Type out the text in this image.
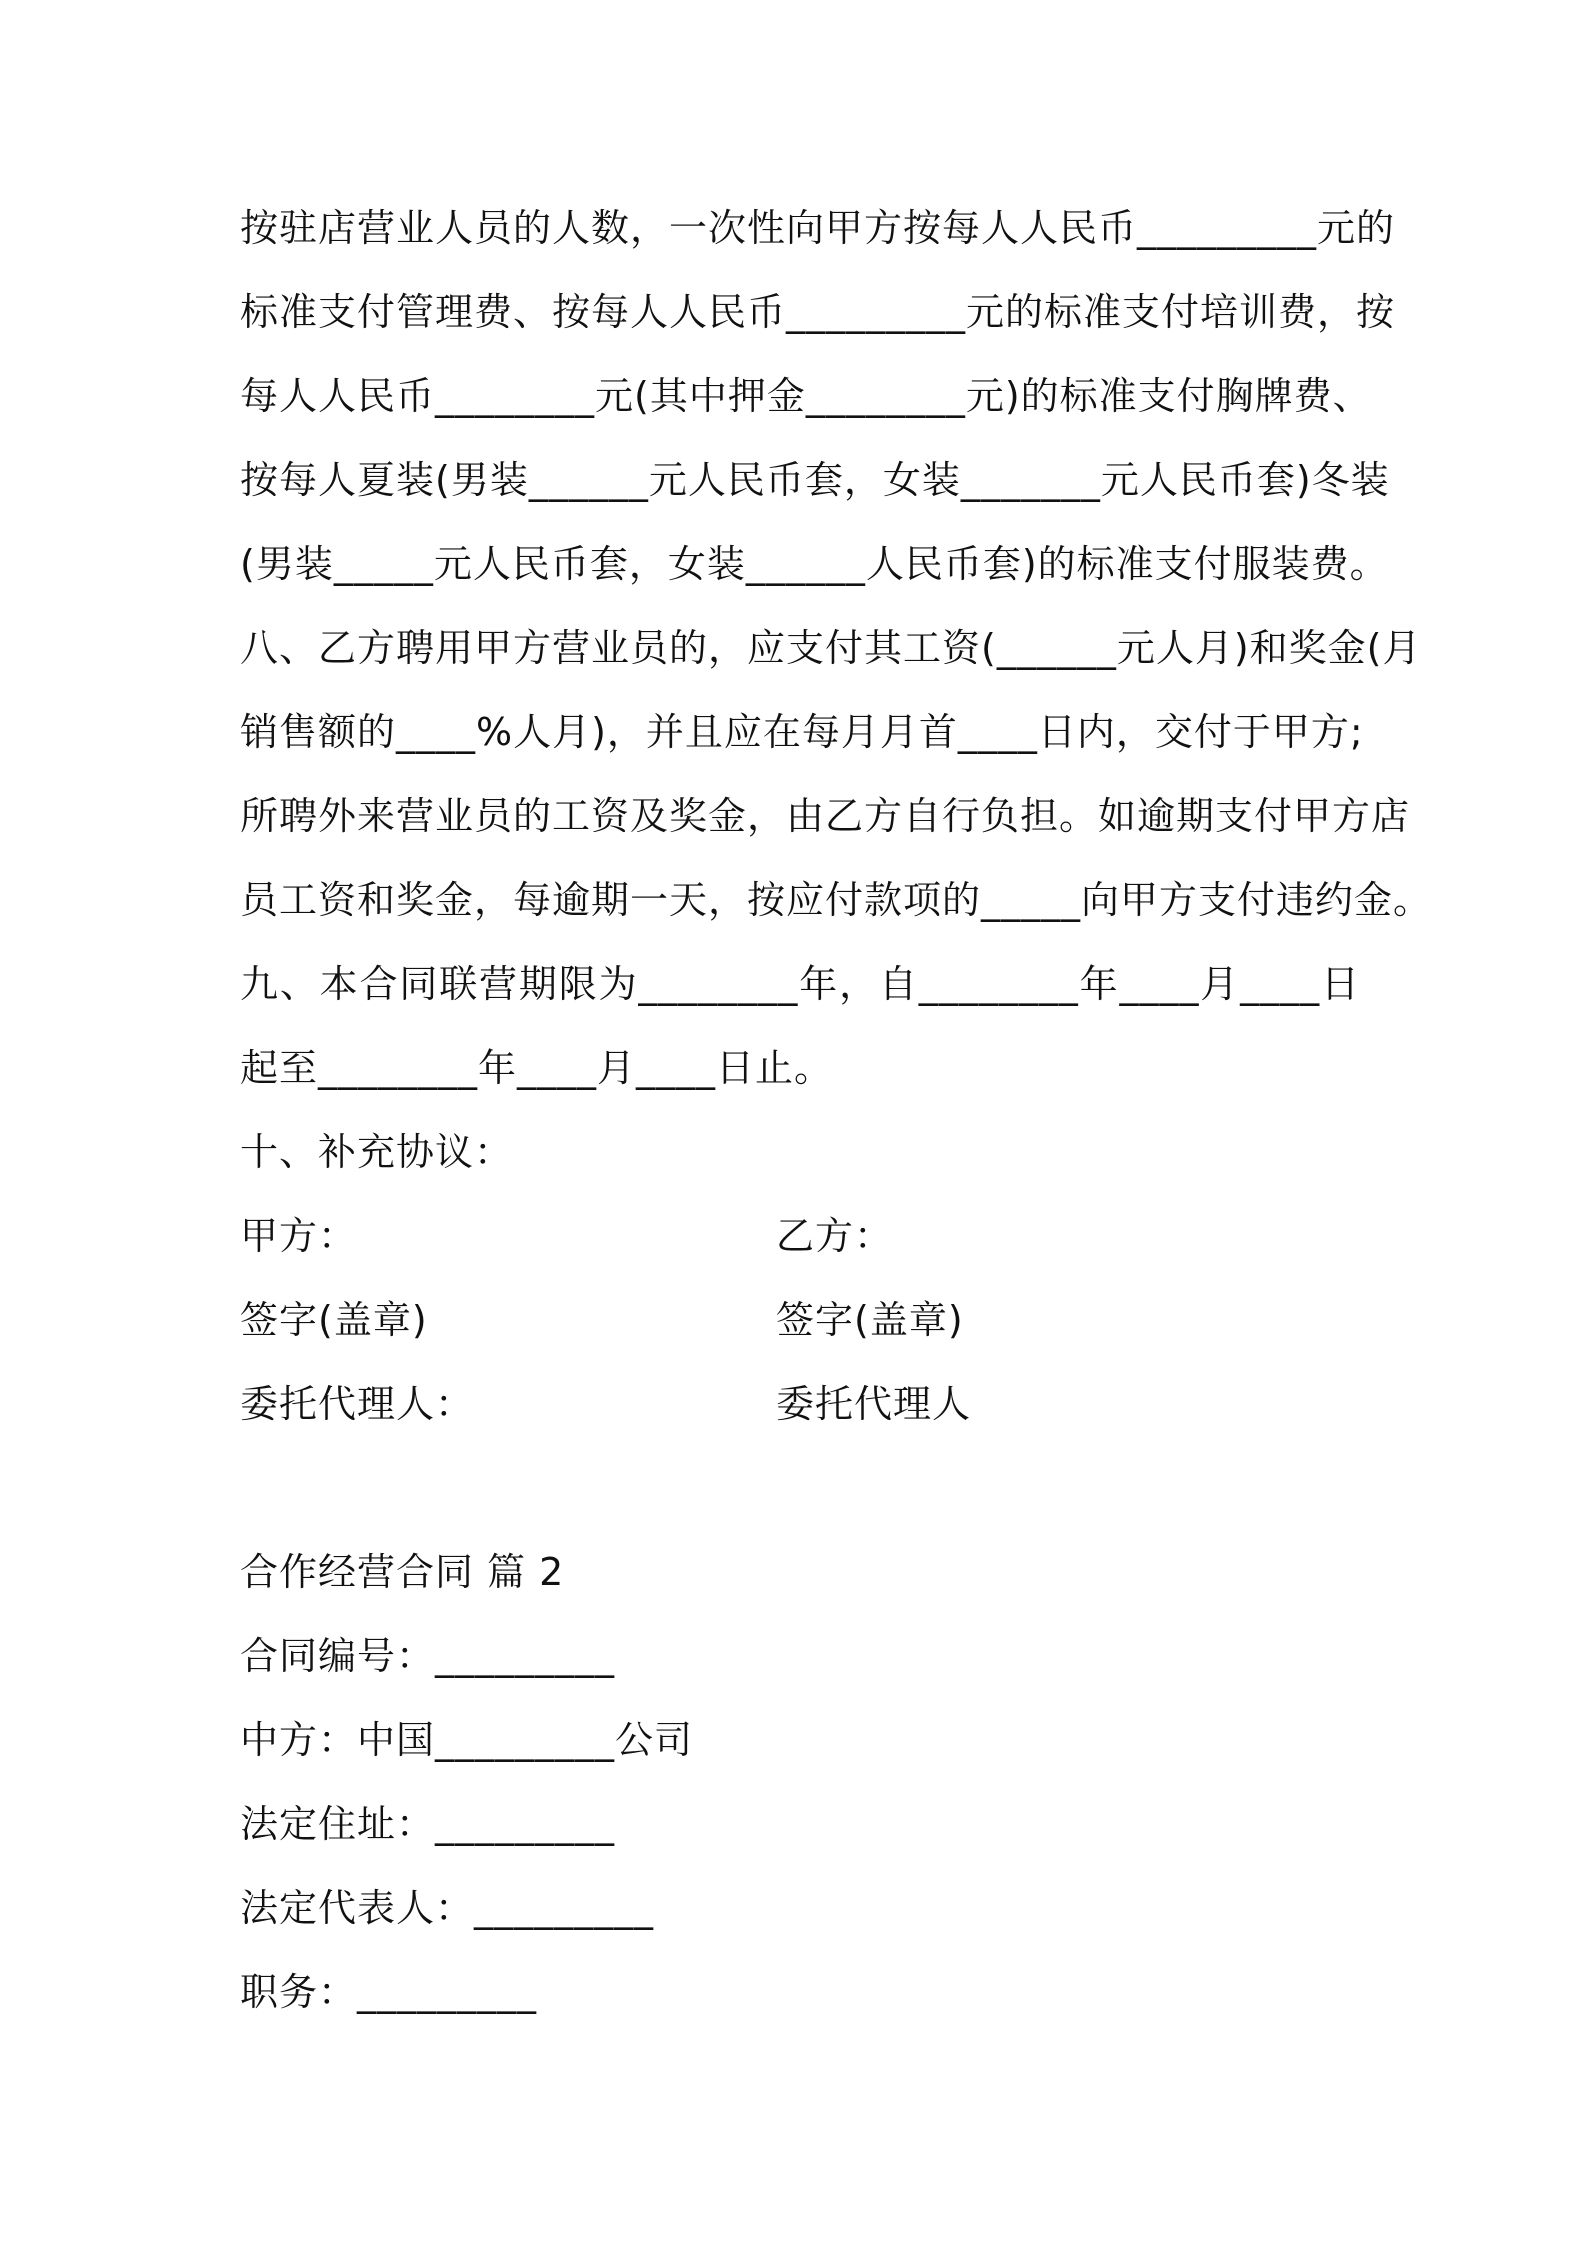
按驻店营业人员的人数，一次性向甲方按每人人民币_________元的
标准支付管理费、按每人人民币_________元的标准支付培训费，按
每人人民币________元(其中押金________元)的标准支付胸牌费、
按每人夏装(男装______元人民币套，女装_______元人民币套)冬装
(男装_____元人民币套，女装______人民币套)的标准支付服装费。
八、乙方聘用甲方营业员的，应支付其工资(______元人月)和奖金(月
销售额的____%人月)，并且应在每月月首____日内，交付于甲方;
所聘外来营业员的工资及奖金，由乙方自行负担。如逾期支付甲方店
员工资和奖金，每逾期一天，按应付款项的_____向甲方支付违约金。
九、本合同联营期限为________年，自________年____月____日
起至________年____月____日止。
十、补充协议：
甲方：	乙方：
签字(盖章)	签字(盖章)
委托代理人：	委托代理人
合作经营合同 篇 2
合同编号：_________
中方：中国_________公司
法定住址：_________
法定代表人：_________
职务：_________
